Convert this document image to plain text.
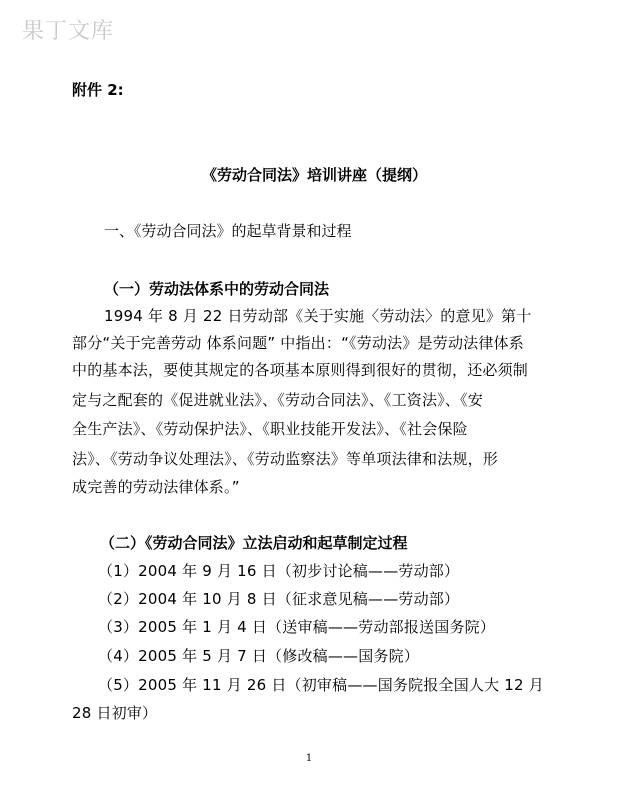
果丁文库
附件 2:
《劳动合同法》培训讲座（提纲）
一、《劳动合同法》的起草背景和过程
（一）劳动法体系中的劳动合同法
1994 年 8 月 22 日劳动部《关于实施〈劳动法〉的意见》第十
部分“关于完善劳动 体系问题” 中指出：“《劳动法》是劳动法律体系
中的基本法，要使其规定的各项基本原则得到很好的贯彻，还必须制
定与之配套的《促进就业法》、《劳动合同法》、《工资法》、《安
全生产法》、《劳动保护法》、《职业技能开发法》、《社会保险
法》、《劳动争议处理法》、《劳动监察法》等单项法律和法规，形
成完善的劳动法律体系。”
（二）《劳动合同法》立法启动和起草制定过程
（1）2004 年 9 月 16 日（初步讨论稿——劳动部）
（2）2004 年 10 月 8 日（征求意见稿——劳动部）
（3）2005 年 1 月 4 日（送审稿——劳动部报送国务院）
（4）2005 年 5 月 7 日（修改稿——国务院）
（5）2005 年 11 月 26 日（初审稿——国务院报全国人大 12 月
28 日初审）
1
